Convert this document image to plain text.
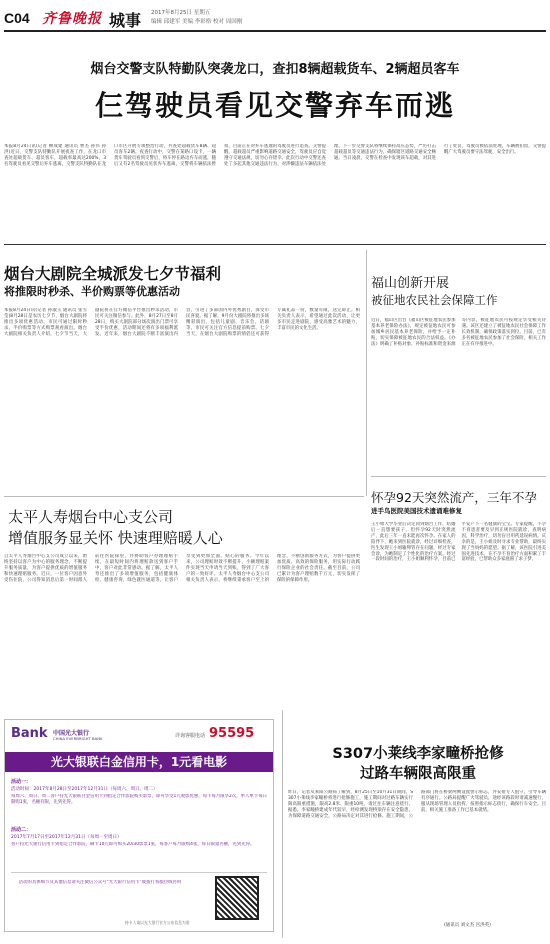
C04 齐鲁晚报 城事 2017年8月25日 星期五
编辑 邱建军 美编 李彩格 校对 周国刚
烟台交警支队特勤队突袭龙口，查扣8辆超载货车、2辆超员客车
仨驾驶员看见交警弃车而逃
本报8月24日讯(记者 柳成建 通讯员 曹杰 孙伟 孙洪)近日，交警支队特勤队开展夜查工作，在龙口市查处超载货车、超员客车，超载率最高达200%，3名驾驶员看见交警后弃车逃离，交警支队特勤队在龙口市区开展专项整治行动，共查处超载货车8辆、超员客车2辆。夜查行动中，交警在某路口设卡，一辆货车驾驶员看到交警后，将车停在路边弃车而逃，随后又有2名驾驶员见状弃车逃离，交警将车辆依法暂扣，目前正在对弃车逃逸的驾驶员进行追查。交警提醒，超载超员严重影响道路交通安全，驾驶员应自觉遵守交通法规，切勿心存侥幸。此次行动中交警还查处了多起其他交通违法行为，对涉嫌违法车辆依法处理，下一步交警支队将继续保持高压态势，严厉打击超载超员等交通违法行为，确保辖区道路交通安全畅通。当日凌晨，交警在检查中发现该车超载，对其进行了处罚，驾驶员被依法处理，车辆被扣留，交警提醒广大驾驶员要守法驾驶，安全出行。
烟台大剧院全城派发七夕节福利
将推限时秒杀、半价购票等优惠活动
本报8月24日讯(记者 孙淑玉 通讯员 张雪莹)8月28日是农历七夕节，烟台大剧院将推出多项优惠活动，市民可通过限时秒杀、半价购票等方式购票观看演出。烟台大剧院相关负责人介绍，七夕节当天，大剧院将在官方微信平台推出秒杀活动，市民可关注微信参与。此外，8月27日至8月28日，购买大剧院部分场次演出门票可享受半价优惠，活动期间还将有多项福利派发。近年来，烟台大剧院不断丰富演出内容，引进了多部国内外优秀剧目，深受市民喜爱。据了解，9月份大剧院将推出多场精彩演出，包括儿童剧、音乐会、话剧等，市民可关注官方信息提前购票。七夕当天，在烟台大剧院购票的情侣还可获得专属礼品一份，数量有限，送完即止。相关负责人表示，希望通过此次活动，让更多市民走进剧院，感受高雅艺术的魅力，丰富市民的文化生活。
福山创新开展
被征地农民社会保障工作
近日，福山区出台《福山区被征地农民参加基本养老保险办法》，规定被征地农民可参加城乡居民基本养老保险，并给予一定补贴，切实保障被征地农民的合法权益。《办法》明确了补贴对象、补贴标准和资金来源等内容，被征地农民可按规定享受相关待遇。该区还建立了被征地农民社会保障工作长效机制，确保政策落实到位。目前，已有多名被征地农民参加了社会保险，相关工作正在有序推进中。
怀孕92天突然流产，三年不孕
进手鸟医院美国技术遗诵难修复
王小姐大学毕业后决定回到烟台工作，结婚后一直想要孩子，但怀孕92天时突然流产，此后三年一直未能再次怀孕。在家人的陪伴下，她来到医院就诊，经过详细检查，医生发现王小姐输卵管存在问题，经过专家会诊，为她制定了个性化的治疗方案。经过一段时间的治疗，王小姐顺利怀孕，目前已平安产下一名健康的宝宝。专家提醒，不孕不育患者要及早到正规医院就诊，查明病因，科学治疗，切勿盲目用药延误病情。庆幸的是，王小姐及时寻求专业帮助，最终实现了当妈妈的愿望。据了解，该医院引进美国先进技术，在不孕不育治疗方面积累了丰富经验，已帮助众多家庭圆了求子梦。
太平人寿烟台中心支公司
增值服务显关怀 快速理赔暖人心
自太平人寿烟台中心支公司成立以来，始终坚持以客户为中心的服务理念，不断提升服务质量，为客户提供优质的增值服务和快速理赔服务。近日，一位客户因意外受伤住院，公司得知消息后第一时间派人前往医院探望，并协助客户办理理赔手续，在最短时间内将理赔款送到客户手中，客户对此非常感动。据了解，太平人寿还推出了多项增值服务，包括健康体检、健康咨询、绿色就医通道等，让客户享受到更加全面、贴心的服务。今年以来，公司理赔时效不断提升，小额理赔案件实现当天申请当天到账，得到了广大客户的一致好评。太平人寿烟台中心支公司相关负责人表示，将继续秉承客户至上的理念，不断创新服务方式，为客户提供更加优质、高效的保险服务，用实际行动践行保险企业的社会责任。截至目前，公司已累计为客户理赔数千万元，切实发挥了保险的保障作用。
Bank 中国光大银行
CHINA EVERBRIGHT BANK	详询客服电话 95595
光大银联白金信用卡，1元看电影
活动一：
活动时间：2017年8月28日至2017年12月31日（每周六、周日、周二）
每周六、周日、周二客户持光大银联白金信用卡到指定合作影院购买影票，即可享受1元观影优惠，每卡每月限享2次，单人单卡每日限购1张，名额有限，先到先得。
活动二：
2017年7月17日至2017年12月31日（每周一至周日）
客户持光大银行信用卡到指定合作影院，刷卡10元即可购买20/30影票1张，每客户每月限购4张，每日限量名额，先到先得。
活动的具体细节及其他信息请关注微信公众号“光大银行信用卡”或拨打客服热线咨询
持卡人请以光大银行官方公布信息为准
S307小莱线李家疃桥抢修
过路车辆限高限重
昨日，记者从莱阳公路局了解到，8月25日至10月31日期间，S307小莱线李家疃桥将进行抢修施工，施工期间对过路车辆实行限高限重措施，限高2.8米、限重10吨，请过往车辆注意绕行。据悉，李家疃桥建成年代较早，经检测发现桥梁存在安全隐患，为保障道路交通安全，公路局决定对其进行抢修。施工期间，公路部门将在桥梁两侧设置警示标志，并安排专人值守，引导车辆有序通行。公路局提醒广大驾驶员，途经该路段时请减速慢行，服从现场管理人员指挥，按照指示标志绕行，确保行车安全。目前，相关施工准备工作已基本就绪。
(通讯员 刘文杰 宫洪英)
